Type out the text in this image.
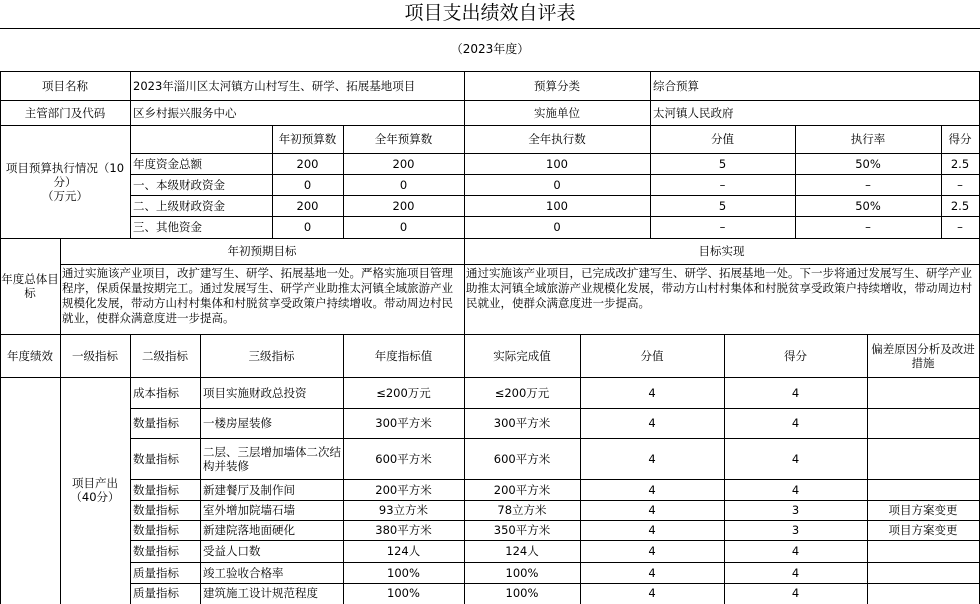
项目支出绩效自评表
（2023年度）
项目名称	2023年淄川区太河镇方山村写生、研学、拓展基地项目	预算分类	综合预算
主管部门及代码	区乡村振兴服务中心	实施单位	太河镇人民政府
项目预算执行情况（10分）
（万元）
年初预算数	全年预算数	全年执行数	分值	执行率	得分
年度资金总额	200	200	100	5	50%	2.5
一、本级财政资金	0	0	0	–	–	–
二、上级财政资金	200	200	100	5	50%	2.5
三、其他资金	0	0	0	–	–	–
年度总体目标
年初预期目标	目标实现
通过实施该产业项目，改扩建写生、研学、拓展基地一处。严格实施项目管理程序，保质保量按期完工。通过发展写生、研学产业助推太河镇全域旅游产业规模化发展，带动方山村村集体和村脱贫享受政策户持续增收。带动周边村民就业，使群众满意度进一步提高。
通过实施该产业项目，已完成改扩建写生、研学、拓展基地一处。下一步将通过发展写生、研学产业助推太河镇全域旅游产业规模化发展，带动方山村村集体和村脱贫享受政策户持续增收，带动周边村民就业，使群众满意度进一步提高。
年度绩效	一级指标	二级指标	三级指标	年度指标值	实际完成值	分值	得分	偏差原因分析及改进措施
项目产出
（40分）
成本指标	项目实施财政总投资	≤200万元	≤200万元	4	4
数量指标	一楼房屋装修	300平方米	300平方米	4	4
数量指标	二层、三层增加墙体二次结构并装修	600平方米	600平方米	4	4
数量指标	新建餐厅及制作间	200平方米	200平方米	4	4
数量指标	室外增加院墙石墙	93立方米	78立方米	4	3	项目方案变更
数量指标	新建院落地面硬化	380平方米	350平方米	4	3	项目方案变更
数量指标	受益人口数	124人	124人	4	4
质量指标	竣工验收合格率	100%	100%	4	4
质量指标	建筑施工设计规范程度	100%	100%	4	4
